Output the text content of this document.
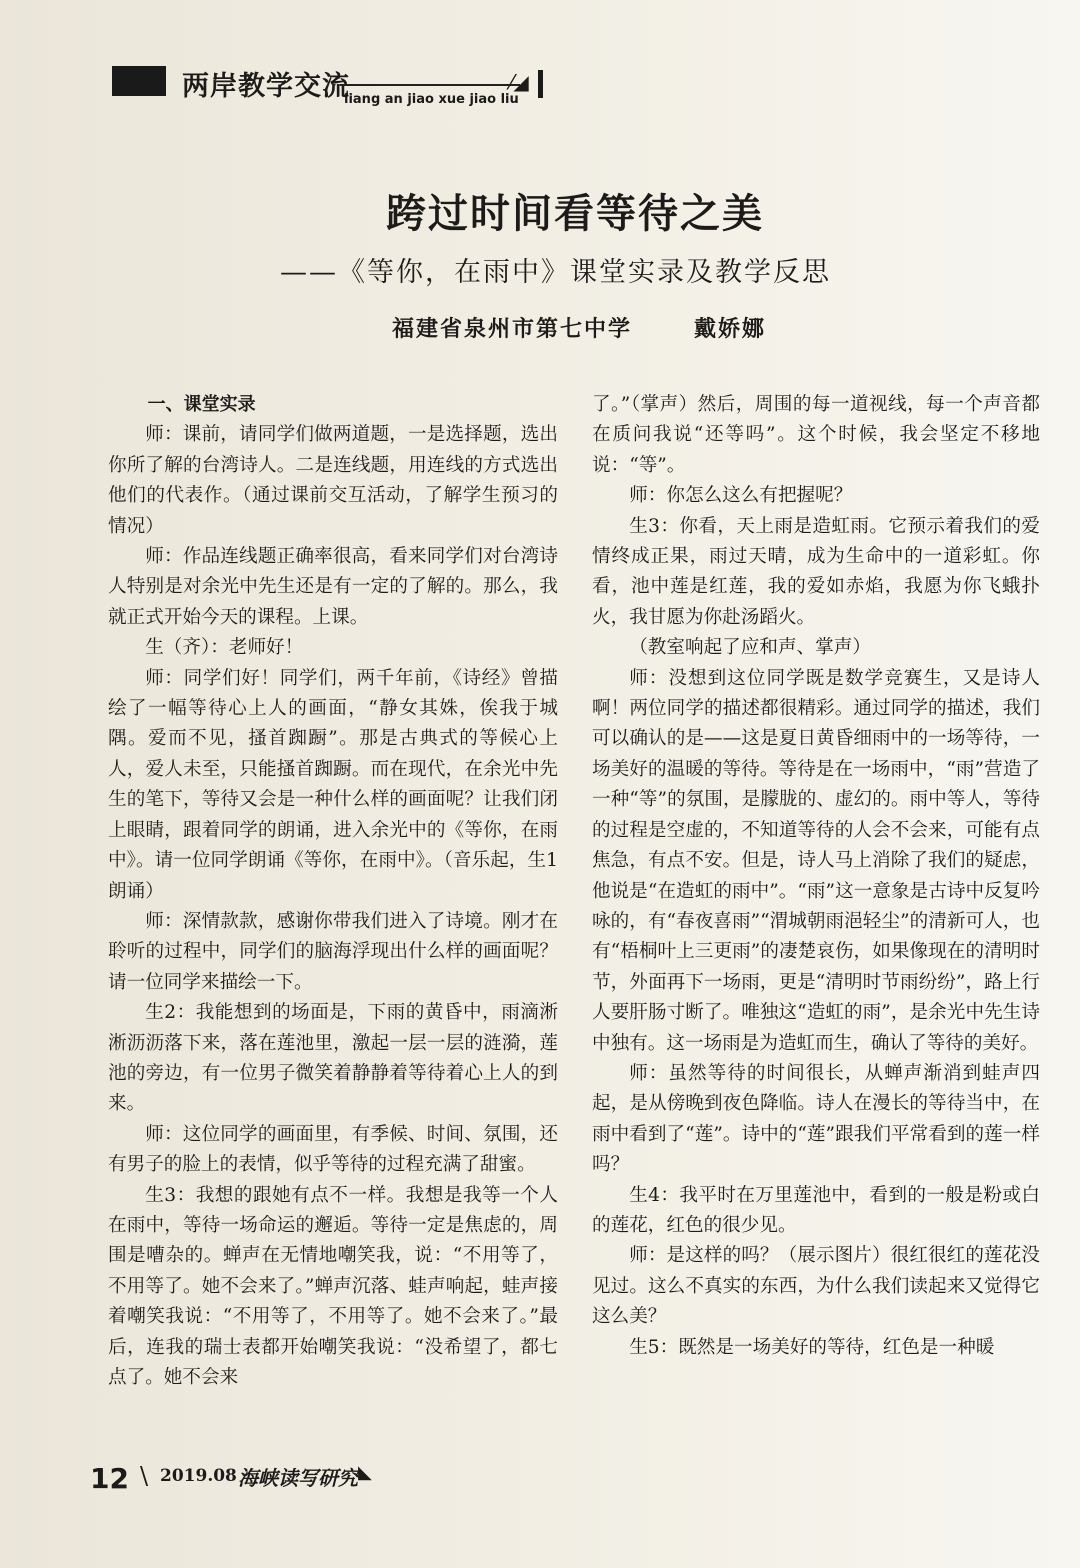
两岸教学交流	⁄◢
liang an jiao xue jiao liu
跨过时间看等待之美
——《等你，在雨中》课堂实录及教学反思
福建省泉州市第七中学	戴娇娜

一、课堂实录

师：课前，请同学们做两道题，一是选择题，选出你所了解的台湾诗人。二是连线题，用连线的方式选出他们的代表作。（通过课前交互活动，了解学生预习的情况）

师：作品连线题正确率很高，看来同学们对台湾诗人特别是对余光中先生还是有一定的了解的。那么，我就正式开始今天的课程。上课。

生（齐）：老师好！

师：同学们好！同学们，两千年前，《诗经》曾描绘了一幅等待心上人的画面，“静女其姝，俟我于城隅。爱而不见，搔首踟蹰”。那是古典式的等候心上人，爱人未至，只能搔首踟蹰。而在现代，在余光中先生的笔下，等待又会是一种什么样的画面呢？让我们闭上眼睛，跟着同学的朗诵，进入余光中的《等你，在雨中》。请一位同学朗诵《等你，在雨中》。（音乐起，生1朗诵）

师：深情款款，感谢你带我们进入了诗境。刚才在聆听的过程中，同学们的脑海浮现出什么样的画面呢？请一位同学来描绘一下。

生2：我能想到的场面是，下雨的黄昏中，雨滴淅淅沥沥落下来，落在莲池里，激起一层一层的涟漪，莲池的旁边，有一位男子微笑着静静着等待着心上人的到来。

师：这位同学的画面里，有季候、时间、氛围，还有男子的脸上的表情，似乎等待的过程充满了甜蜜。

生3：我想的跟她有点不一样。我想是我等一个人在雨中，等待一场命运的邂逅。等待一定是焦虑的，周围是嘈杂的。蝉声在无情地嘲笑我，说：“不用等了，不用等了。她不会来了。”蝉声沉落、蛙声响起，蛙声接着嘲笑我说：“不用等了，不用等了。她不会来了。”最后，连我的瑞士表都开始嘲笑我说：“没希望了，都七点了。她不会来

了。”（掌声）然后，周围的每一道视线，每一个声音都在质问我说“还等吗”。这个时候，我会坚定不移地说：“等”。

师：你怎么这么有把握呢？

生3：你看，天上雨是造虹雨。它预示着我们的爱情终成正果，雨过天晴，成为生命中的一道彩虹。你看，池中莲是红莲，我的爱如赤焰，我愿为你飞蛾扑火，我甘愿为你赴汤蹈火。

（教室响起了应和声、掌声）

师：没想到这位同学既是数学竞赛生，又是诗人啊！两位同学的描述都很精彩。通过同学的描述，我们可以确认的是——这是夏日黄昏细雨中的一场等待，一场美好的温暖的等待。等待是在一场雨中，“雨”营造了一种“等”的氛围，是朦胧的、虚幻的。雨中等人，等待的过程是空虚的，不知道等待的人会不会来，可能有点焦急，有点不安。但是，诗人马上消除了我们的疑虑，他说是“在造虹的雨中”。“雨”这一意象是古诗中反复吟咏的，有“春夜喜雨”“渭城朝雨浥轻尘”的清新可人，也有“梧桐叶上三更雨”的凄楚哀伤，如果像现在的清明时节，外面再下一场雨，更是“清明时节雨纷纷”，路上行人要肝肠寸断了。唯独这“造虹的雨”，是余光中先生诗中独有。这一场雨是为造虹而生，确认了等待的美好。

师：虽然等待的时间很长，从蝉声渐消到蛙声四起，是从傍晚到夜色降临。诗人在漫长的等待当中，在雨中看到了“莲”。诗中的“莲”跟我们平常看到的莲一样吗？

生4：我平时在万里莲池中，看到的一般是粉或白的莲花，红色的很少见。

师：是这样的吗？（展示图片）很红很红的莲花没见过。这么不真实的东西，为什么我们读起来又觉得它这么美？

生5：既然是一场美好的等待，红色是一种暖

12 \ 2019.08 海峡读写研究 ◣
